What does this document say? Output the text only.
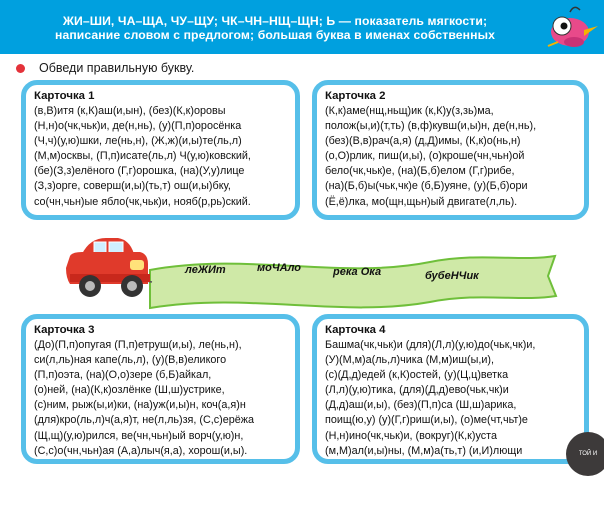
ЖИ–ШИ, ЧА–ЩА, ЧУ–ЩУ; ЧК–ЧН–НЩ–ЩН; Ь — показатель мягкости;
написание словом с предлогом; большая буква в именах собственных
Обведи правильную букву.
Карточка 1
(в,В)итя (к,К)аш(и,ын), (без)(К,к)оровы
(Н,н)о(чк,чьк)и, де(н,нь), (у)(П,п)оросёнка
(Ч,ч)(у,ю)шки, ле(нь,н), (Ж,ж)(и,ы)те(ль,л)
(М,м)осквы, (П,п)исате(ль,л) Ч(у,ю)ковский,
(бе)(З,з)елёного (Г,г)орошка, (на)(У,у)лице
(З,з)орге, соверш(и,ы)(ть,т) ош(и,ы)бку,
со(чн,чьн)ые ябло(чк,чьк)и, нояб(р,рь)ский.
Карточка 2
(К,к)аме(нщ,ньщ)ик (к,К)у(з,зь)ма,
полож(ы,и)(т,ть) (в,ф)кувш(и,ы)н, де(н,нь),
(без)(В,в)рач(а,я) (д,Д)имы, (К,к)о(нь,н)
(о,О)рлик, пиш(и,ы), (о)кроше(чн,чьн)ой
бело(чк,чьк)е, (на)(Б,б)елом (Г,г)рибе,
(на)(Б,б)ы(чьк,чк)е (б,Б)уяне, (у)(Б,б)ори
(Ё,ё)лка, мо(щн,щьн)ый двигате(л,ль).
леЖИт	моЧАло	река Ока	бубеНЧик
Карточка 3
(До)(П,п)опугая (П,п)етруш(и,ы), ле(нь,н),
си(л,ль)ная капе(ль,л), (у)(В,в)еликого
(П,п)оэта, (на)(О,о)зере (б,Б)айкал,
(о)ней, (на)(К,к)озлёнке (Ш,ш)устрике,
(с)ним, рыж(ы,и)ки, (на)уж(и,ы)н, коч(а,я)н
(для)кро(ль,л)ч(а,я)т, не(л,ль)зя, (С,с)ерёжа
(Щ,щ)(у,ю)рился, ве(чн,чьн)ый ворч(у,ю)н,
(С,с)о(чн,чьн)ая (А,а)лыч(я,а), хорош(и,ы).
Карточка 4
Башма(чк,чьк)и (для)(Л,л)(у,ю)до(чьк,чк)и,
(У)(М,м)а(ль,л)чика (М,м)иш(ы,и),
(с)(Д,д)едей (к,К)остей, (у)(Ц,ц)ветка
(Л,л)(у,ю)тика, (для)(Д,д)ево(чьк,чк)и
(Д,д)аш(и,ы), (без)(П,п)са (Ш,ш)арика,
поищ(ю,у) (у)(Г,г)риш(и,ы), (о)ме(чт,чьт)е
(Н,н)ино(чк,чьк)и, (вокруг)(К,к)уста
(м,М)ал(и,ы)ны, (М,м)а(ть,т) (и,И)лющи	ТОЙ И УЧИТЕЛИ
